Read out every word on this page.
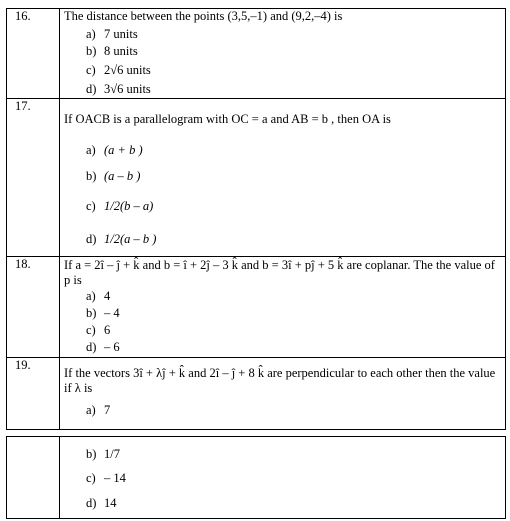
16.	The distance between the points (3,5,–1) and (9,2,–4) is
a) 7 units
b) 8 units
c) 2√6 units
d) 3√6 units

17.	If OACB is a parallelogram with OC = a and AB = b , then OA is
a) (a + b )
b) (a – b )
c) 1/2(b – a)
d) 1/2(a – b )

18.	If a = 2î – ĵ + k̂ and b = î + 2ĵ – 3 k̂ and b = 3î + pĵ + 5 k̂ are coplanar. The the value of p is
a) 4
b) – 4
c) 6
d) – 6

19.	If the vectors 3î + λĵ + k̂ and 2î – ĵ + 8 k̂ are perpendicular to each other then the value if λ is
a) 7

b) 1/7
c) – 14
d) 14
